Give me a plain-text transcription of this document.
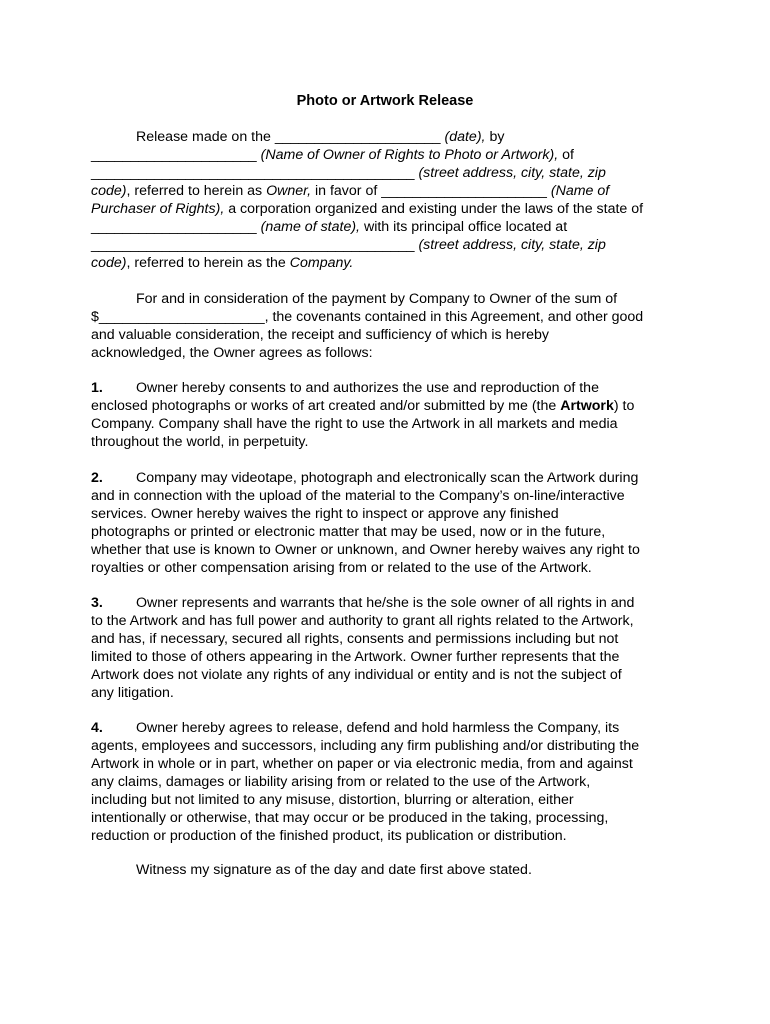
Photo or Artwork Release

Release made on the _____________________ (date), by

_____________________ (Name of Owner of Rights to Photo or Artwork), of

_________________________________________ (street address, city, state, zip

code), referred to herein as Owner, in favor of _____________________ (Name of

Purchaser of Rights), a corporation organized and existing under the laws of the state of

_____________________ (name of state), with its principal office located at

_________________________________________ (street address, city, state, zip

code), referred to herein as the Company.

For and in consideration of the payment by Company to Owner of the sum of

$_____________________, the covenants contained in this Agreement, and other good

and valuable consideration, the receipt and sufficiency of which is hereby

acknowledged, the Owner agrees as follows:

1. Owner hereby consents to and authorizes the use and reproduction of the

enclosed photographs or works of art created and/or submitted by me (the Artwork) to

Company. Company shall have the right to use the Artwork in all markets and media

throughout the world, in perpetuity.

2. Company may videotape, photograph and electronically scan the Artwork during

and in connection with the upload of the material to the Company’s on-line/interactive

services. Owner hereby waives the right to inspect or approve any finished

photographs or printed or electronic matter that may be used, now or in the future,

whether that use is known to Owner or unknown, and Owner hereby waives any right to

royalties or other compensation arising from or related to the use of the Artwork.

3. Owner represents and warrants that he/she is the sole owner of all rights in and

to the Artwork and has full power and authority to grant all rights related to the Artwork,

and has, if necessary, secured all rights, consents and permissions including but not

limited to those of others appearing in the Artwork. Owner further represents that the

Artwork does not violate any rights of any individual or entity and is not the subject of

any litigation.

4. Owner hereby agrees to release, defend and hold harmless the Company, its

agents, employees and successors, including any firm publishing and/or distributing the

Artwork in whole or in part, whether on paper or via electronic media, from and against

any claims, damages or liability arising from or related to the use of the Artwork,

including but not limited to any misuse, distortion, blurring or alteration, either

intentionally or otherwise, that may occur or be produced in the taking, processing,

reduction or production of the finished product, its publication or distribution.

Witness my signature as of the day and date first above stated.
